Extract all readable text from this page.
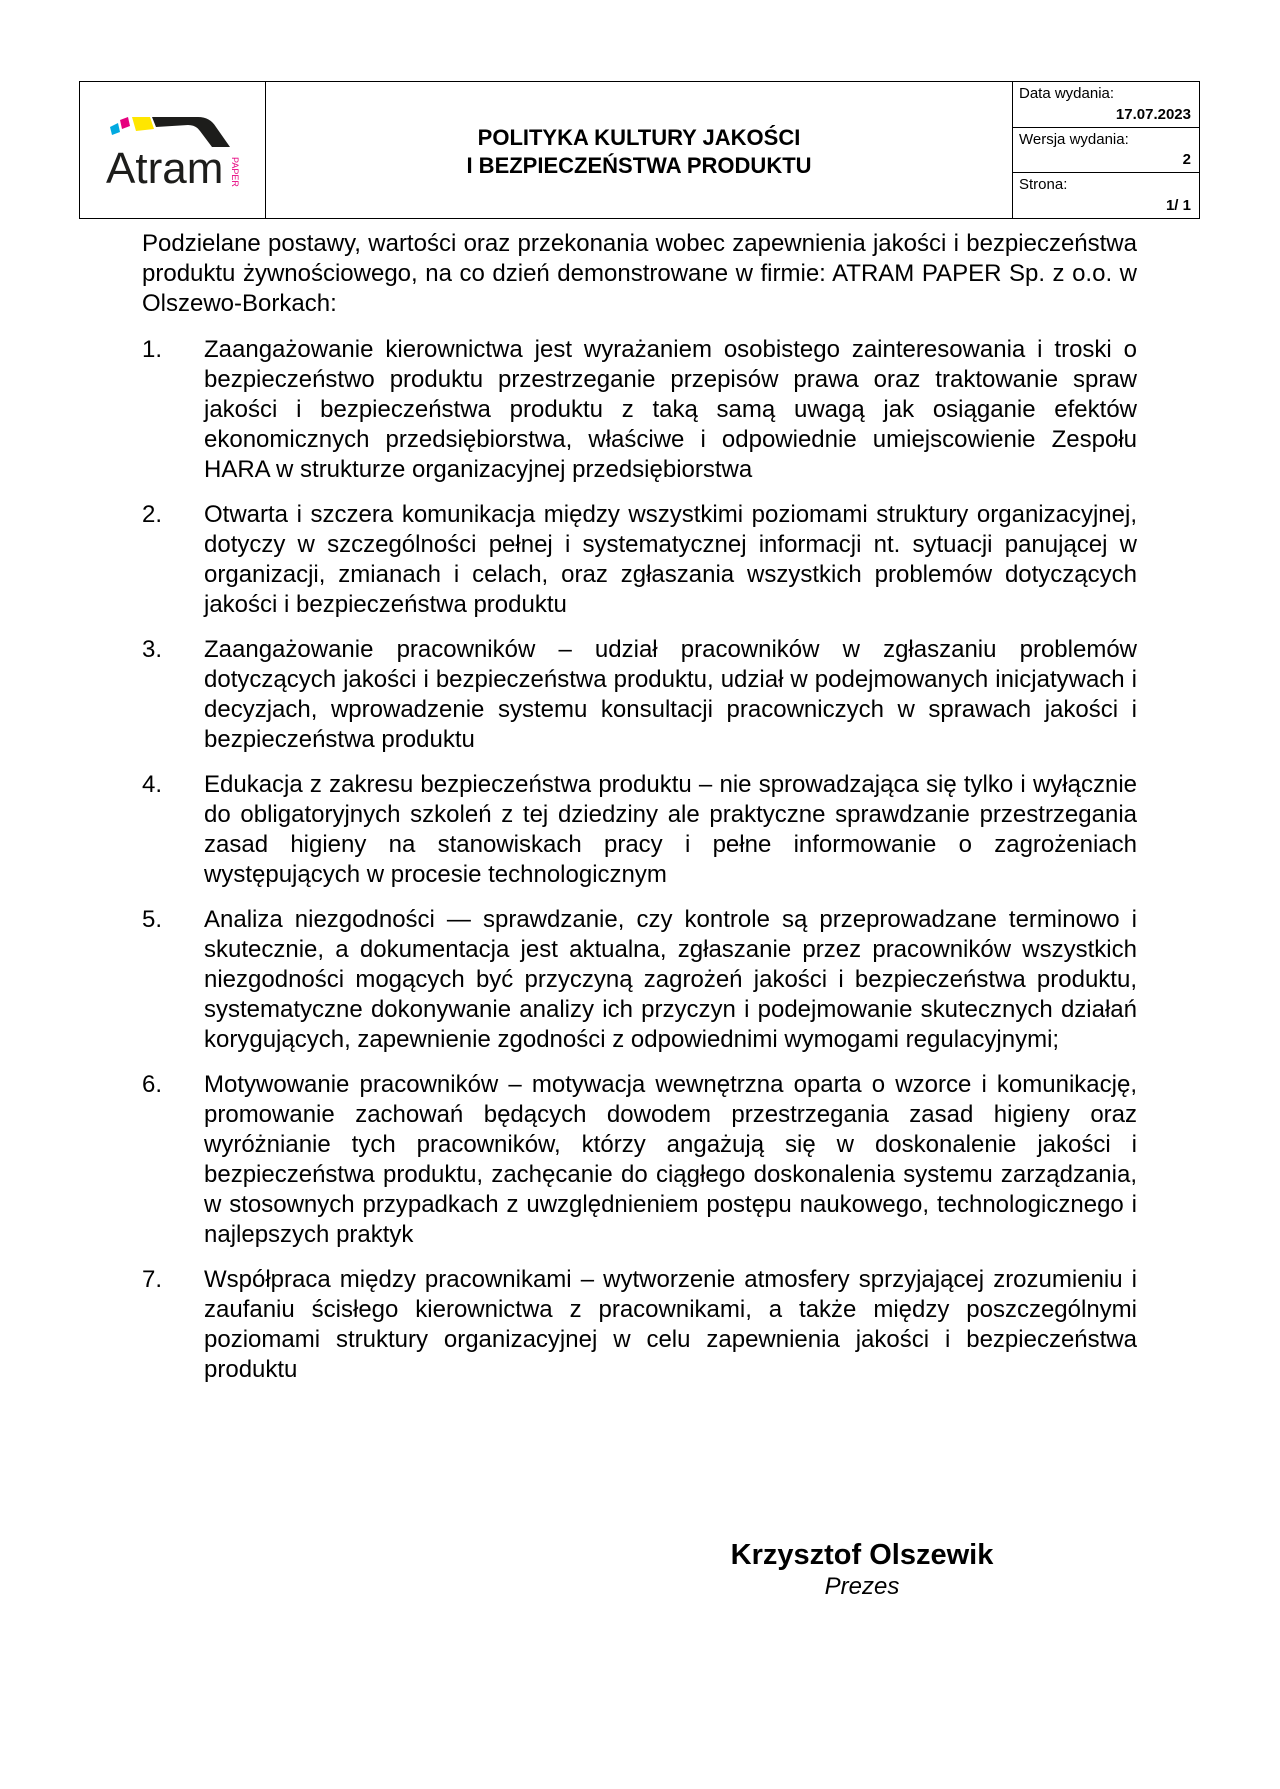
Atram PAPER
POLITYKA KULTURY JAKOŚCI
I BEZPIECZEŃSTWA PRODUKTU
Data wydania:
17.07.2023
Wersja wydania:
2
Strona:
1/ 1
Podzielane postawy, wartości oraz przekonania wobec zapewnienia jakości i bezpieczeństwa produktu żywnościowego, na co dzień demonstrowane w firmie: ATRAM PAPER Sp. z o.o. w Olszewo-Borkach:
1.	Zaangażowanie kierownictwa jest wyrażaniem osobistego zainteresowania i troski o bezpieczeństwo produktu przestrzeganie przepisów prawa oraz traktowanie spraw jakości i bezpieczeństwa produktu z taką samą uwagą jak osiąganie efektów ekonomicznych przedsiębiorstwa, właściwe i odpowiednie umiejscowienie Zespołu HARA w strukturze organizacyjnej przedsiębiorstwa
2.	Otwarta i szczera komunikacja między wszystkimi poziomami struktury organizacyjnej, dotyczy w szczególności pełnej i systematycznej informacji nt. sytuacji panującej w organizacji, zmianach i celach, oraz zgłaszania wszystkich problemów dotyczących jakości i bezpieczeństwa produktu
3.	Zaangażowanie pracowników – udział pracowników w zgłaszaniu problemów dotyczących jakości i bezpieczeństwa produktu, udział w podejmowanych inicjatywach i decyzjach, wprowadzenie systemu konsultacji pracowniczych w sprawach jakości i bezpieczeństwa produktu
4.	Edukacja z zakresu bezpieczeństwa produktu – nie sprowadzająca się tylko i wyłącznie do obligatoryjnych szkoleń z tej dziedziny ale praktyczne sprawdzanie przestrzegania zasad higieny na stanowiskach pracy i pełne informowanie o zagrożeniach występujących w procesie technologicznym
5.	Analiza niezgodności — sprawdzanie, czy kontrole są przeprowadzane terminowo i skutecznie, a dokumentacja jest aktualna, zgłaszanie przez pracowników wszystkich niezgodności mogących być przyczyną zagrożeń jakości i bezpieczeństwa produktu, systematyczne dokonywanie analizy ich przyczyn i podejmowanie skutecznych działań korygujących, zapewnienie zgodności z odpowiednimi wymogami regulacyjnymi;
6.	Motywowanie pracowników – motywacja wewnętrzna oparta o wzorce i komunikację, promowanie zachowań będących dowodem przestrzegania zasad higieny oraz wyróżnianie tych pracowników, którzy angażują się w doskonalenie jakości i bezpieczeństwa produktu, zachęcanie do ciągłego doskonalenia systemu zarządzania, w stosownych przypadkach z uwzględnieniem postępu naukowego, technologicznego i najlepszych praktyk
7.	Współpraca między pracownikami – wytworzenie atmosfery sprzyjającej zrozumieniu i zaufaniu ścisłego kierownictwa z pracownikami, a także między poszczególnymi poziomami struktury organizacyjnej w celu zapewnienia jakości i bezpieczeństwa produktu
Krzysztof Olszewik
Prezes
